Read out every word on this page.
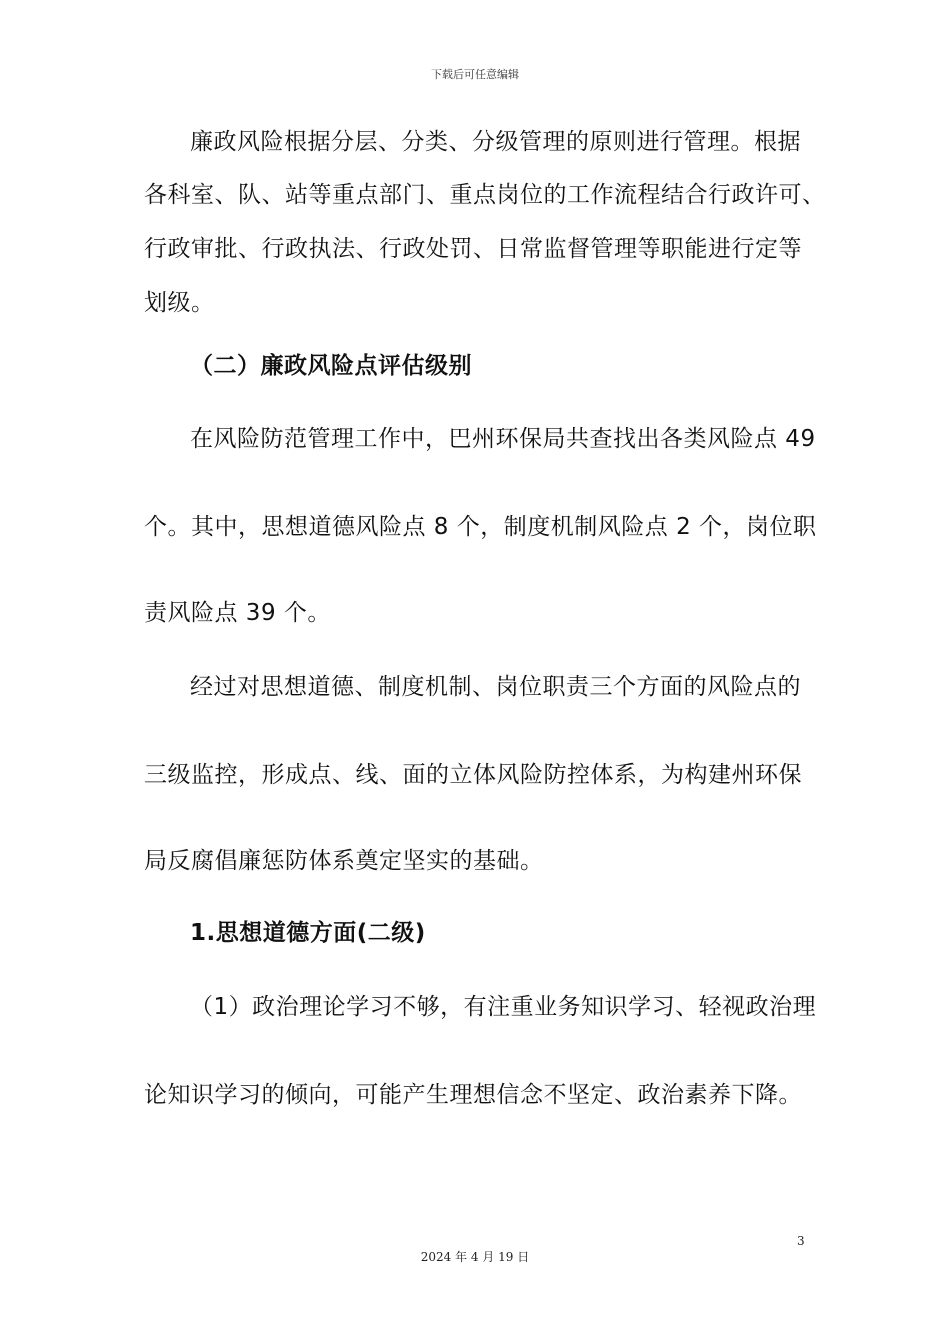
下载后可任意编辑
廉政风险根据分层、分类、分级管理的原则进行管理。根据
各科室、队、站等重点部门、重点岗位的工作流程结合行政许可、
行政审批、行政执法、行政处罚、日常监督管理等职能进行定等
划级。
（二）廉政风险点评估级别
在风险防范管理工作中，巴州环保局共查找出各类风险点 49
个。其中，思想道德风险点 8 个，制度机制风险点 2 个，岗位职
责风险点 39 个。
经过对思想道德、制度机制、岗位职责三个方面的风险点的
三级监控，形成点、线、面的立体风险防控体系，为构建州环保
局反腐倡廉惩防体系奠定坚实的基础。
1.思想道德方面(二级)
（1）政治理论学习不够，有注重业务知识学习、轻视政治理
论知识学习的倾向，可能产生理想信念不坚定、政治素养下降。
3
2024 年 4 月 19 日
